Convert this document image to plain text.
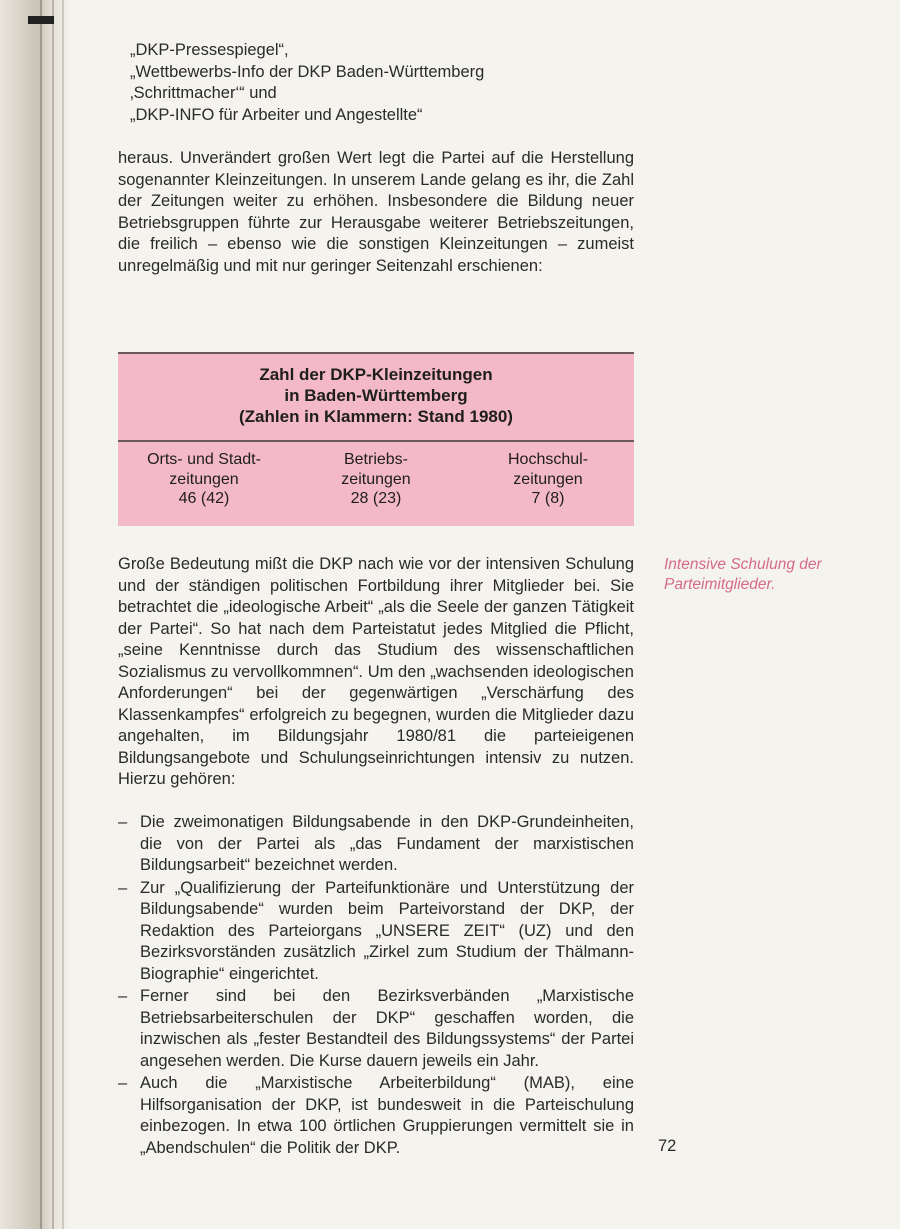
„DKP-Pressespiegel“,
„Wettbewerbs-Info der DKP Baden-Württemberg
‚Schrittmacher‘“ und
„DKP-INFO für Arbeiter und Angestellte“
heraus. Unverändert großen Wert legt die Partei auf die Herstellung sogenannter Kleinzeitungen. In unserem Lande gelang es ihr, die Zahl der Zeitungen weiter zu erhöhen. Insbesondere die Bildung neuer Betriebsgruppen führte zur Herausgabe weiterer Betriebszeitungen, die freilich – ebenso wie die sonstigen Kleinzeitungen – zumeist unregelmäßig und mit nur geringer Seitenzahl erschienen:
Zahl der DKP-Kleinzeitungen
in Baden-Württemberg
(Zahlen in Klammern: Stand 1980)
Orts- und Stadt-
zeitungen
46 (42)
Betriebs-
zeitungen
28 (23)
Hochschul-
zeitungen
7 (8)
Große Bedeutung mißt die DKP nach wie vor der intensiven Schulung und der ständigen politischen Fortbildung ihrer Mitglieder bei. Sie betrachtet die „ideologische Arbeit“ „als die Seele der ganzen Tätigkeit der Partei“. So hat nach dem Parteistatut jedes Mitglied die Pflicht, „seine Kenntnisse durch das Studium des wissenschaftlichen Sozialismus zu vervollkommnen“. Um den „wachsenden ideologischen Anforderungen“ bei der gegenwärtigen „Verschärfung des Klassenkampfes“ erfolgreich zu begegnen, wurden die Mitglieder dazu angehalten, im Bildungsjahr 1980/81 die parteieigenen Bildungsangebote und Schulungseinrichtungen intensiv zu nutzen. Hierzu gehören:
Intensive Schulung der Parteimitglieder.
– Die zweimonatigen Bildungsabende in den DKP-Grundeinheiten, die von der Partei als „das Fundament der marxistischen Bildungsarbeit“ bezeichnet werden.
– Zur „Qualifizierung der Parteifunktionäre und Unterstützung der Bildungsabende“ wurden beim Parteivorstand der DKP, der Redaktion des Parteiorgans „UNSERE ZEIT“ (UZ) und den Bezirksvorständen zusätzlich „Zirkel zum Studium der Thälmann-Biographie“ eingerichtet.
– Ferner sind bei den Bezirksverbänden „Marxistische Betriebsarbeiterschulen der DKP“ geschaffen worden, die inzwischen als „fester Bestandteil des Bildungssystems“ der Partei angesehen werden. Die Kurse dauern jeweils ein Jahr.
– Auch die „Marxistische Arbeiterbildung“ (MAB), eine Hilfsorganisation der DKP, ist bundesweit in die Parteischulung einbezogen. In etwa 100 örtlichen Gruppierungen vermittelt sie in „Abendschulen“ die Politik der DKP.	72
